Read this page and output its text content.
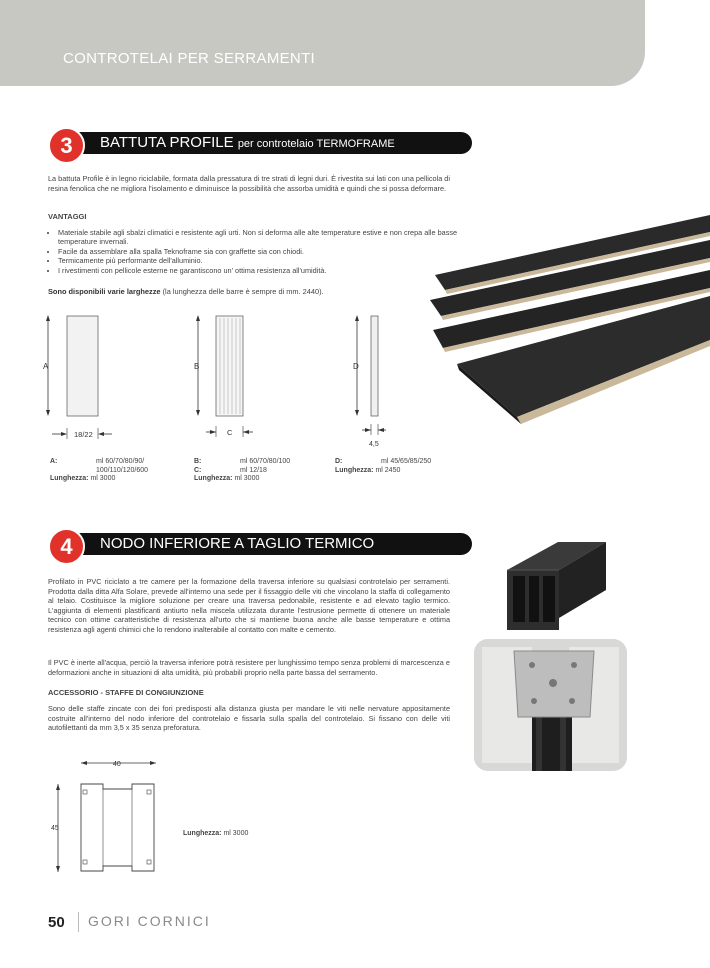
CONTROTELAI PER SERRAMENTI
3	BATTUTA PROFILE per controtelaio TERMOFRAME
La battuta Profile è in legno riciclabile, formata dalla pressatura di tre strati di legni duri. È rivestita sui lati con una pellicola di resina fenolica che ne migliora l'isolamento e diminuisce la possibilità che assorba umidità e quindi che si possa deformare.
VANTAGGI
• Materiale stabile agli sbalzi climatici e resistente agli urti. Non si deforma alle alte temperature estive e non crepa alle basse temperature invernali.
• Facile da assemblare alla spalla Teknoframe sia con graffette sia con chiodi.
• Termicamente più performante dell'alluminio.
• I rivestimenti con pellicole esterne ne garantiscono un' ottima resistenza all'umidità.
Sono disponibili varie larghezze (la lunghezza delle barre è sempre di mm. 2440).
A
18/22
B
C
D
4,5
A:	ml 60/70/80/90/
100/110/120/600
Lunghezza: ml 3000
B:	ml 60/70/80/100
C:	ml 12/18
Lunghezza: ml 3000
D:	ml 45/65/85/250
Lunghezza: ml 2450
4	NODO INFERIORE A TAGLIO TERMICO
Profilato in PVC riciclato a tre camere per la formazione della traversa inferiore su qualsiasi controtelaio per serramenti. Prodotta dalla ditta Alfa Solare, prevede all'interno una sede per il fissaggio delle viti che vincolano la staffa di collegamento al telaio. Costituisce la migliore soluzione per creare una traversa pedonabile, resistente e ad elevato taglio termico. L'aggiunta di elementi plastificanti antiurto nella miscela utilizzata durante l'estrusione permette di ottenere un materiale tecnico con ottime caratteristiche di resistenza all'urto che si mantiene buona anche alle basse temperature e ottima resistenza agli agenti chimici che lo rendono inalterabile al contatto con malte e cemento.
Il PVC è inerte all'acqua, perciò la traversa inferiore potrà resistere per lunghissimo tempo senza problemi di marcescenza e deformazioni anche in situazioni di alta umidità, più probabili proprio nella parte bassa del serramento.
ACCESSORIO - STAFFE DI CONGIUNZIONE
Sono delle staffe zincate con dei fori predisposti alla distanza giusta per mandare le viti nelle nervature appositamente costruite all'interno del nodo inferiore del controtelaio e fissarla sulla spalla del controtelaio. Si fissano con delle viti autofilettanti da mm 3,5 x 35 senza preforatura.
40
45
Lunghezza: ml 3000
50 GORI CORNICI
